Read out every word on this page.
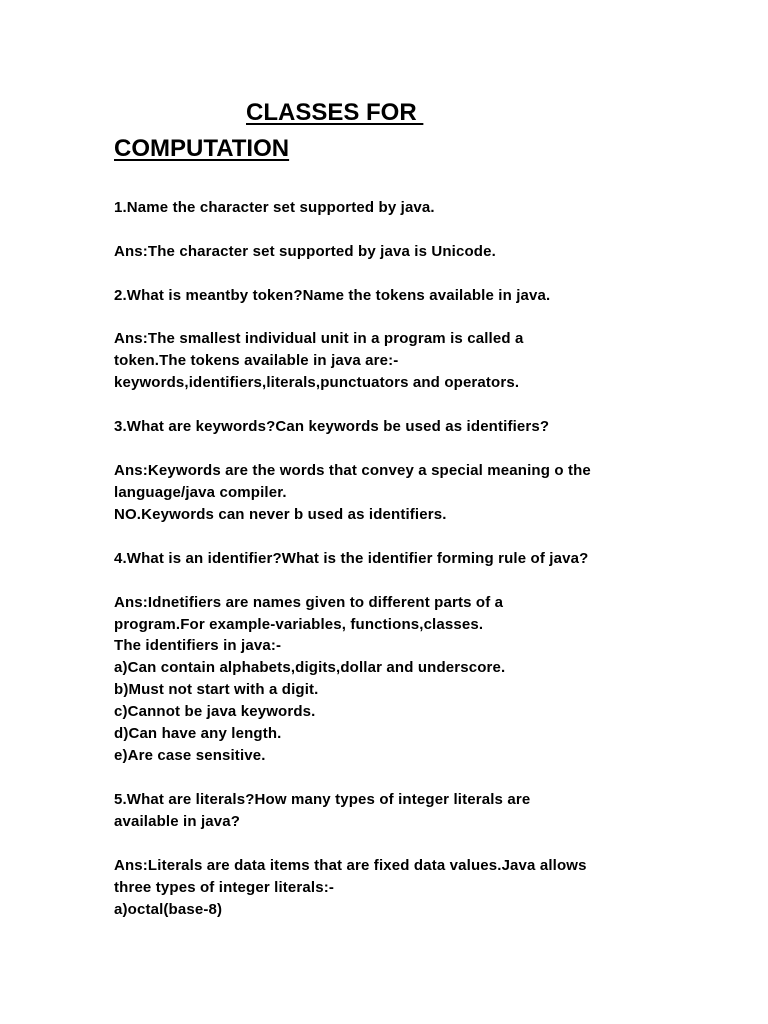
CLASSES FOR
COMPUTATION

1.Name the character set supported by java.

Ans:The character set supported by java is Unicode.

2.What is meantby token?Name the tokens available in java.

Ans:The smallest individual unit in a program is called a

token.The tokens available in java are:-

keywords,identifiers,literals,punctuators and operators.

3.What are keywords?Can keywords be used as identifiers?

Ans:Keywords are the words that convey a special meaning o the

language/java compiler.

NO.Keywords can never b used as identifiers.

4.What is an identifier?What is the identifier forming rule of java?

Ans:Idnetifiers are names given to different parts of a

program.For example-variables, functions,classes.

The identifiers in java:-

a)Can contain alphabets,digits,dollar and underscore.

b)Must not start with a digit.

c)Cannot be java keywords.

d)Can have any length.

e)Are case sensitive.

5.What are literals?How many types of integer literals are

available in java?

Ans:Literals are data items that are fixed data values.Java allows

three types of integer literals:-

a)octal(base-8)
